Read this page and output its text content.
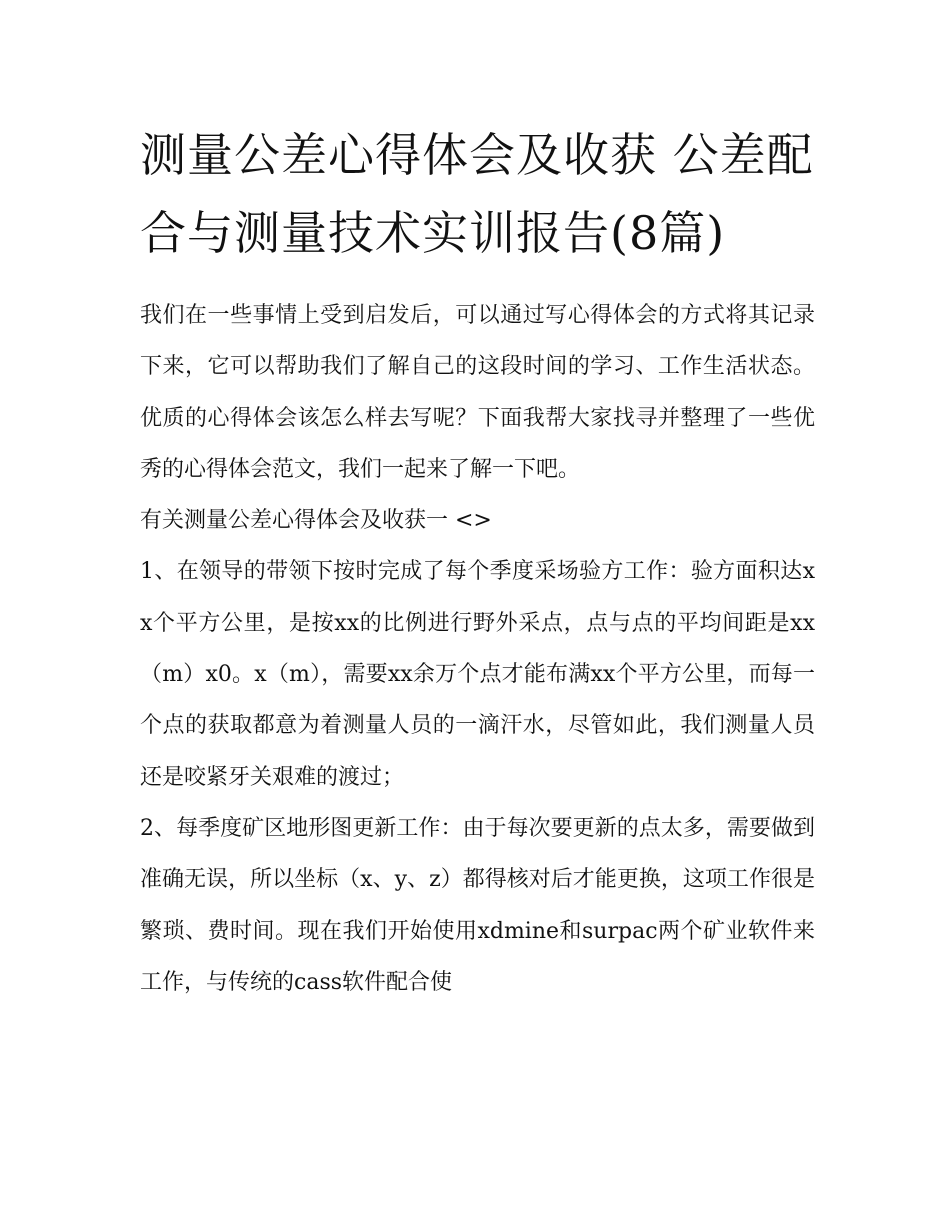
测量公差心得体会及收获 公差配合与测量技术实训报告(8篇)

我们在一些事情上受到启发后，可以通过写心得体会的方式将其记录下来，它可以帮助我们了解自己的这段时间的学习、工作生活状态。优质的心得体会该怎么样去写呢？下面我帮大家找寻并整理了一些优秀的心得体会范文，我们一起来了解一下吧。

有关测量公差心得体会及收获一 <>

1、在领导的带领下按时完成了每个季度采场验方工作：验方面积达xx个平方公里，是按xx的比例进行野外采点，点与点的平均间距是xx（m）x0。x（m），需要xx余万个点才能布满xx个平方公里，而每一个点的获取都意为着测量人员的一滴汗水，尽管如此，我们测量人员还是咬紧牙关艰难的渡过；

2、每季度矿区地形图更新工作：由于每次要更新的点太多，需要做到准确无误，所以坐标（x、y、z）都得核对后才能更换，这项工作很是繁琐、费时间。现在我们开始使用xdmine和surpac两个矿业软件来工作，与传统的cass软件配合使
